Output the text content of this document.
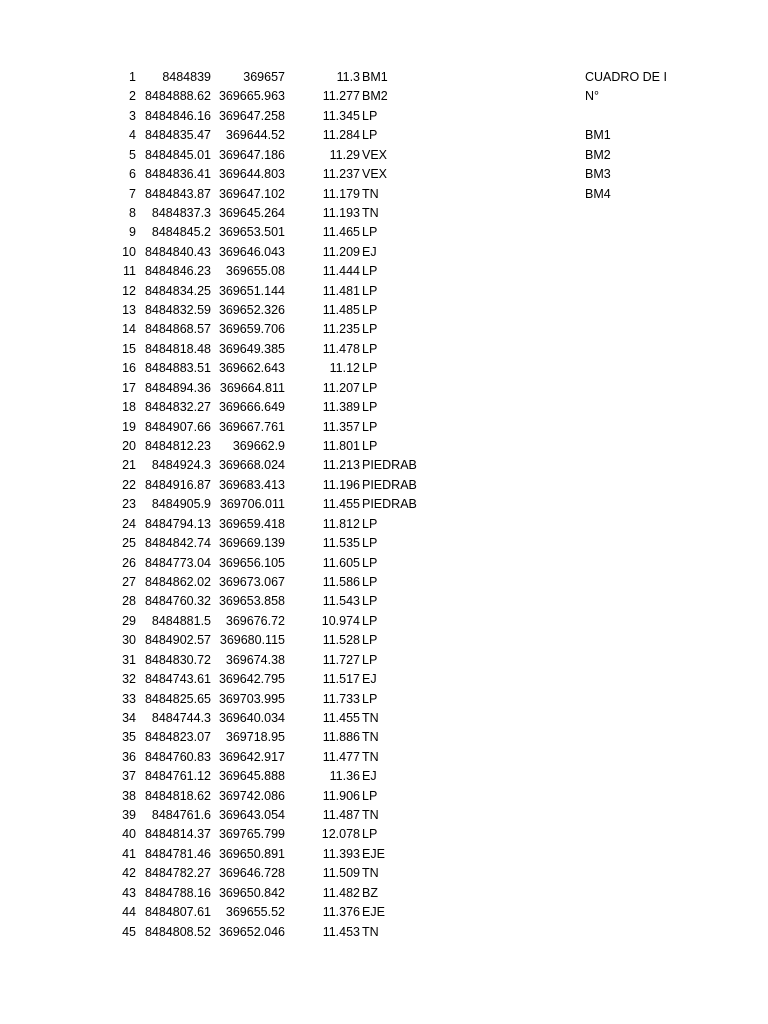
1 8484839	369657	11.3 BM1
2 8484888.62 369665.963	11.277 BM2
3 8484846.16 369647.258	11.345 LP
4 8484835.47 369644.52	11.284 LP
5 8484845.01 369647.186	11.29 VEX
6 8484836.41 369644.803	11.237 VEX
7 8484843.87 369647.102	11.179 TN
8 8484837.3 369645.264	11.193 TN
9 8484845.2 369653.501	11.465 LP
10 8484840.43 369646.043	11.209 EJ
11 8484846.23 369655.08	11.444 LP
12 8484834.25 369651.144	11.481 LP
13 8484832.59 369652.326	11.485 LP
14 8484868.57 369659.706	11.235 LP
15 8484818.48 369649.385	11.478 LP
16 8484883.51 369662.643	11.12 LP
17 8484894.36 369664.811	11.207 LP
18 8484832.27 369666.649	11.389 LP
19 8484907.66 369667.761	11.357 LP
20 8484812.23 369662.9	11.801 LP
21 8484924.3 369668.024	11.213 PIEDRAB
22 8484916.87 369683.413	11.196 PIEDRAB
23 8484905.9 369706.011	11.455 PIEDRAB
24 8484794.13 369659.418	11.812 LP
25 8484842.74 369669.139	11.535 LP
26 8484773.04 369656.105	11.605 LP
27 8484862.02 369673.067	11.586 LP
28 8484760.32 369653.858	11.543 LP
29 8484881.5 369676.72	10.974 LP
30 8484902.57 369680.115	11.528 LP
31 8484830.72 369674.38	11.727 LP
32 8484743.61 369642.795	11.517 EJ
33 8484825.65 369703.995	11.733 LP
34 8484744.3 369640.034	11.455 TN
35 8484823.07 369718.95	11.886 TN
36 8484760.83 369642.917	11.477 TN
37 8484761.12 369645.888	11.36 EJ
38 8484818.62 369742.086	11.906 LP
39 8484761.6 369643.054	11.487 TN
40 8484814.37 369765.799	12.078 LP
41 8484781.46 369650.891	11.393 EJE
42 8484782.27 369646.728	11.509 TN
43 8484788.16 369650.842	11.482 BZ
44 8484807.61 369655.52	11.376 EJE
45 8484808.52 369652.046	11.453 TN
CUADRO DE I
N°
BM1
BM2
BM3
BM4
